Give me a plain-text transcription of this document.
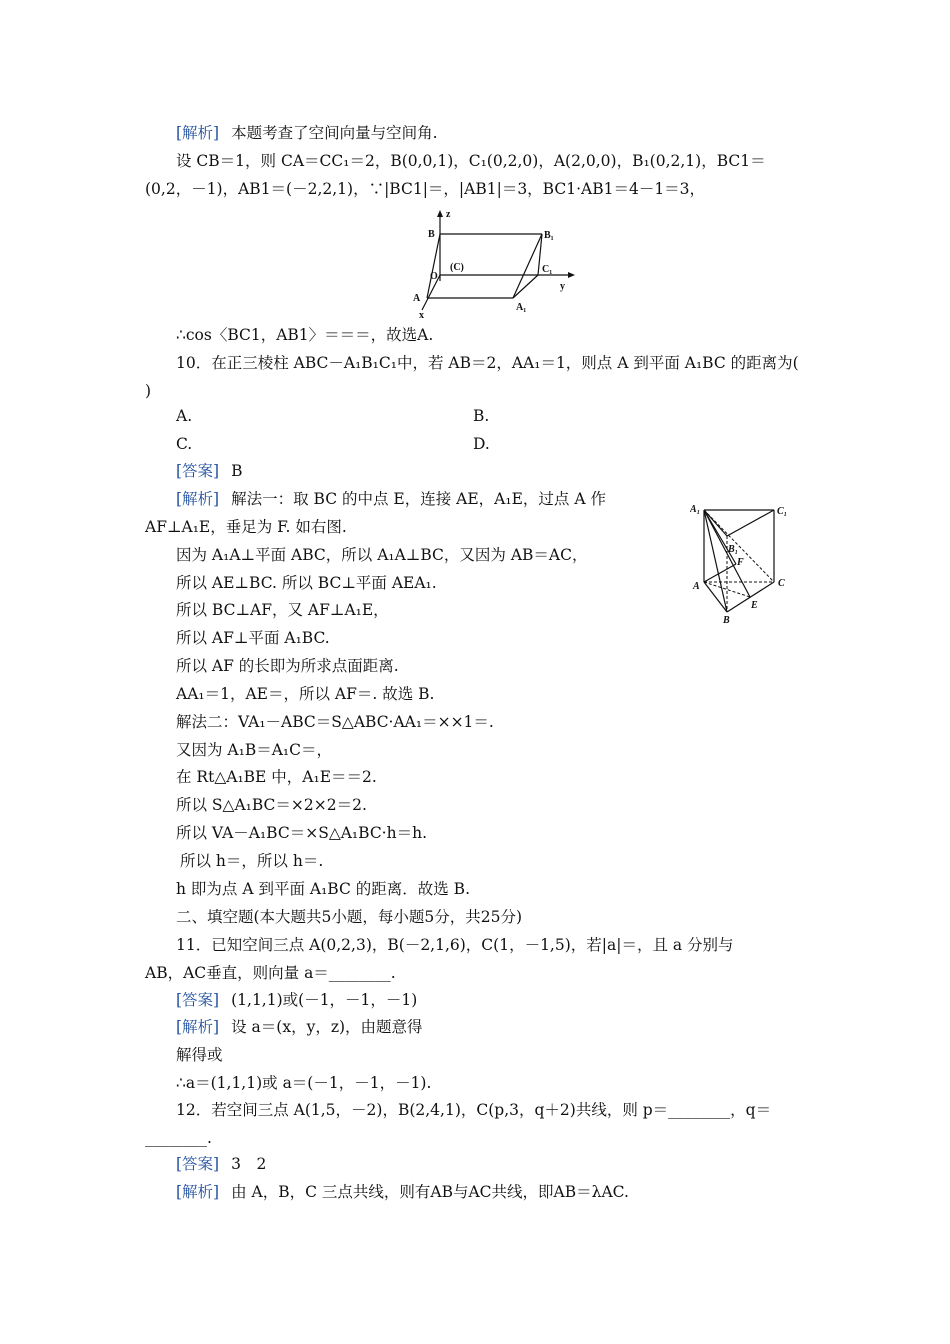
[解析] 本题考查了空间向量与空间角.
设 CB＝1，则 CA＝CC₁＝2，B(0,0,1)，C₁(0,2,0)，A(2,0,0)，B₁(0,2,1)，BC1＝
(0,2，－1)，AB1＝(－2,2,1)，∵|BC1|＝，|AB1|＝3，BC1·AB1＝4－1＝3，
z
B	B₁
(C)
O
C₁
y
A
x
A₁
∴cos〈BC1，AB1〉＝＝＝，故选A.
10．在正三棱柱 ABC－A₁B₁C₁中，若 AB＝2，AA₁＝1，则点 A 到平面 A₁BC 的距离为(
)
A.	B.
C.	D.
[答案] B
[解析] 解法一：取 BC 的中点 E，连接 AE，A₁E，过点 A 作
AF⊥A₁E，垂足为 F. 如右图.
因为 A₁A⊥平面 ABC，所以 A₁A⊥BC，又因为 AB＝AC，
所以 AE⊥BC. 所以 BC⊥平面 AEA₁.
所以 BC⊥AF，又 AF⊥A₁E，
所以 AF⊥平面 A₁BC.
所以 AF 的长即为所求点面距离.
AA₁＝1，AE＝，所以 AF＝. 故选 B.
解法二：VA₁－ABC＝S△ABC·AA₁＝××1＝.
又因为 A₁B＝A₁C＝，
在 Rt△A₁BE 中，A₁E＝＝2.
所以 S△A₁BC＝×2×2＝2.
所以 VA－A₁BC＝×S△A₁BC·h＝h.
所以 h＝，所以 h＝.
h 即为点 A 到平面 A₁BC 的距离．故选 B.
二、填空题(本大题共5小题，每小题5分，共25分)
11．已知空间三点 A(0,2,3)，B(－2,1,6)，C(1，－1,5)，若|a|＝，且 a 分别与
AB，AC垂直，则向量 a＝________.
[答案] (1,1,1)或(－1，－1，－1)
[解析] 设 a＝(x，y，z)，由题意得
解得或
∴a＝(1,1,1)或 a＝(－1，－1，－1).
12．若空间三点 A(1,5，－2)，B(2,4,1)，C(p,3，q＋2)共线，则 p＝________，q＝
________.
[答案] 3　2
[解析] 由 A，B，C 三点共线，则有AB与AC共线，即AB＝λAC.
A₁	C₁
B₁
F
A	C
E
B
